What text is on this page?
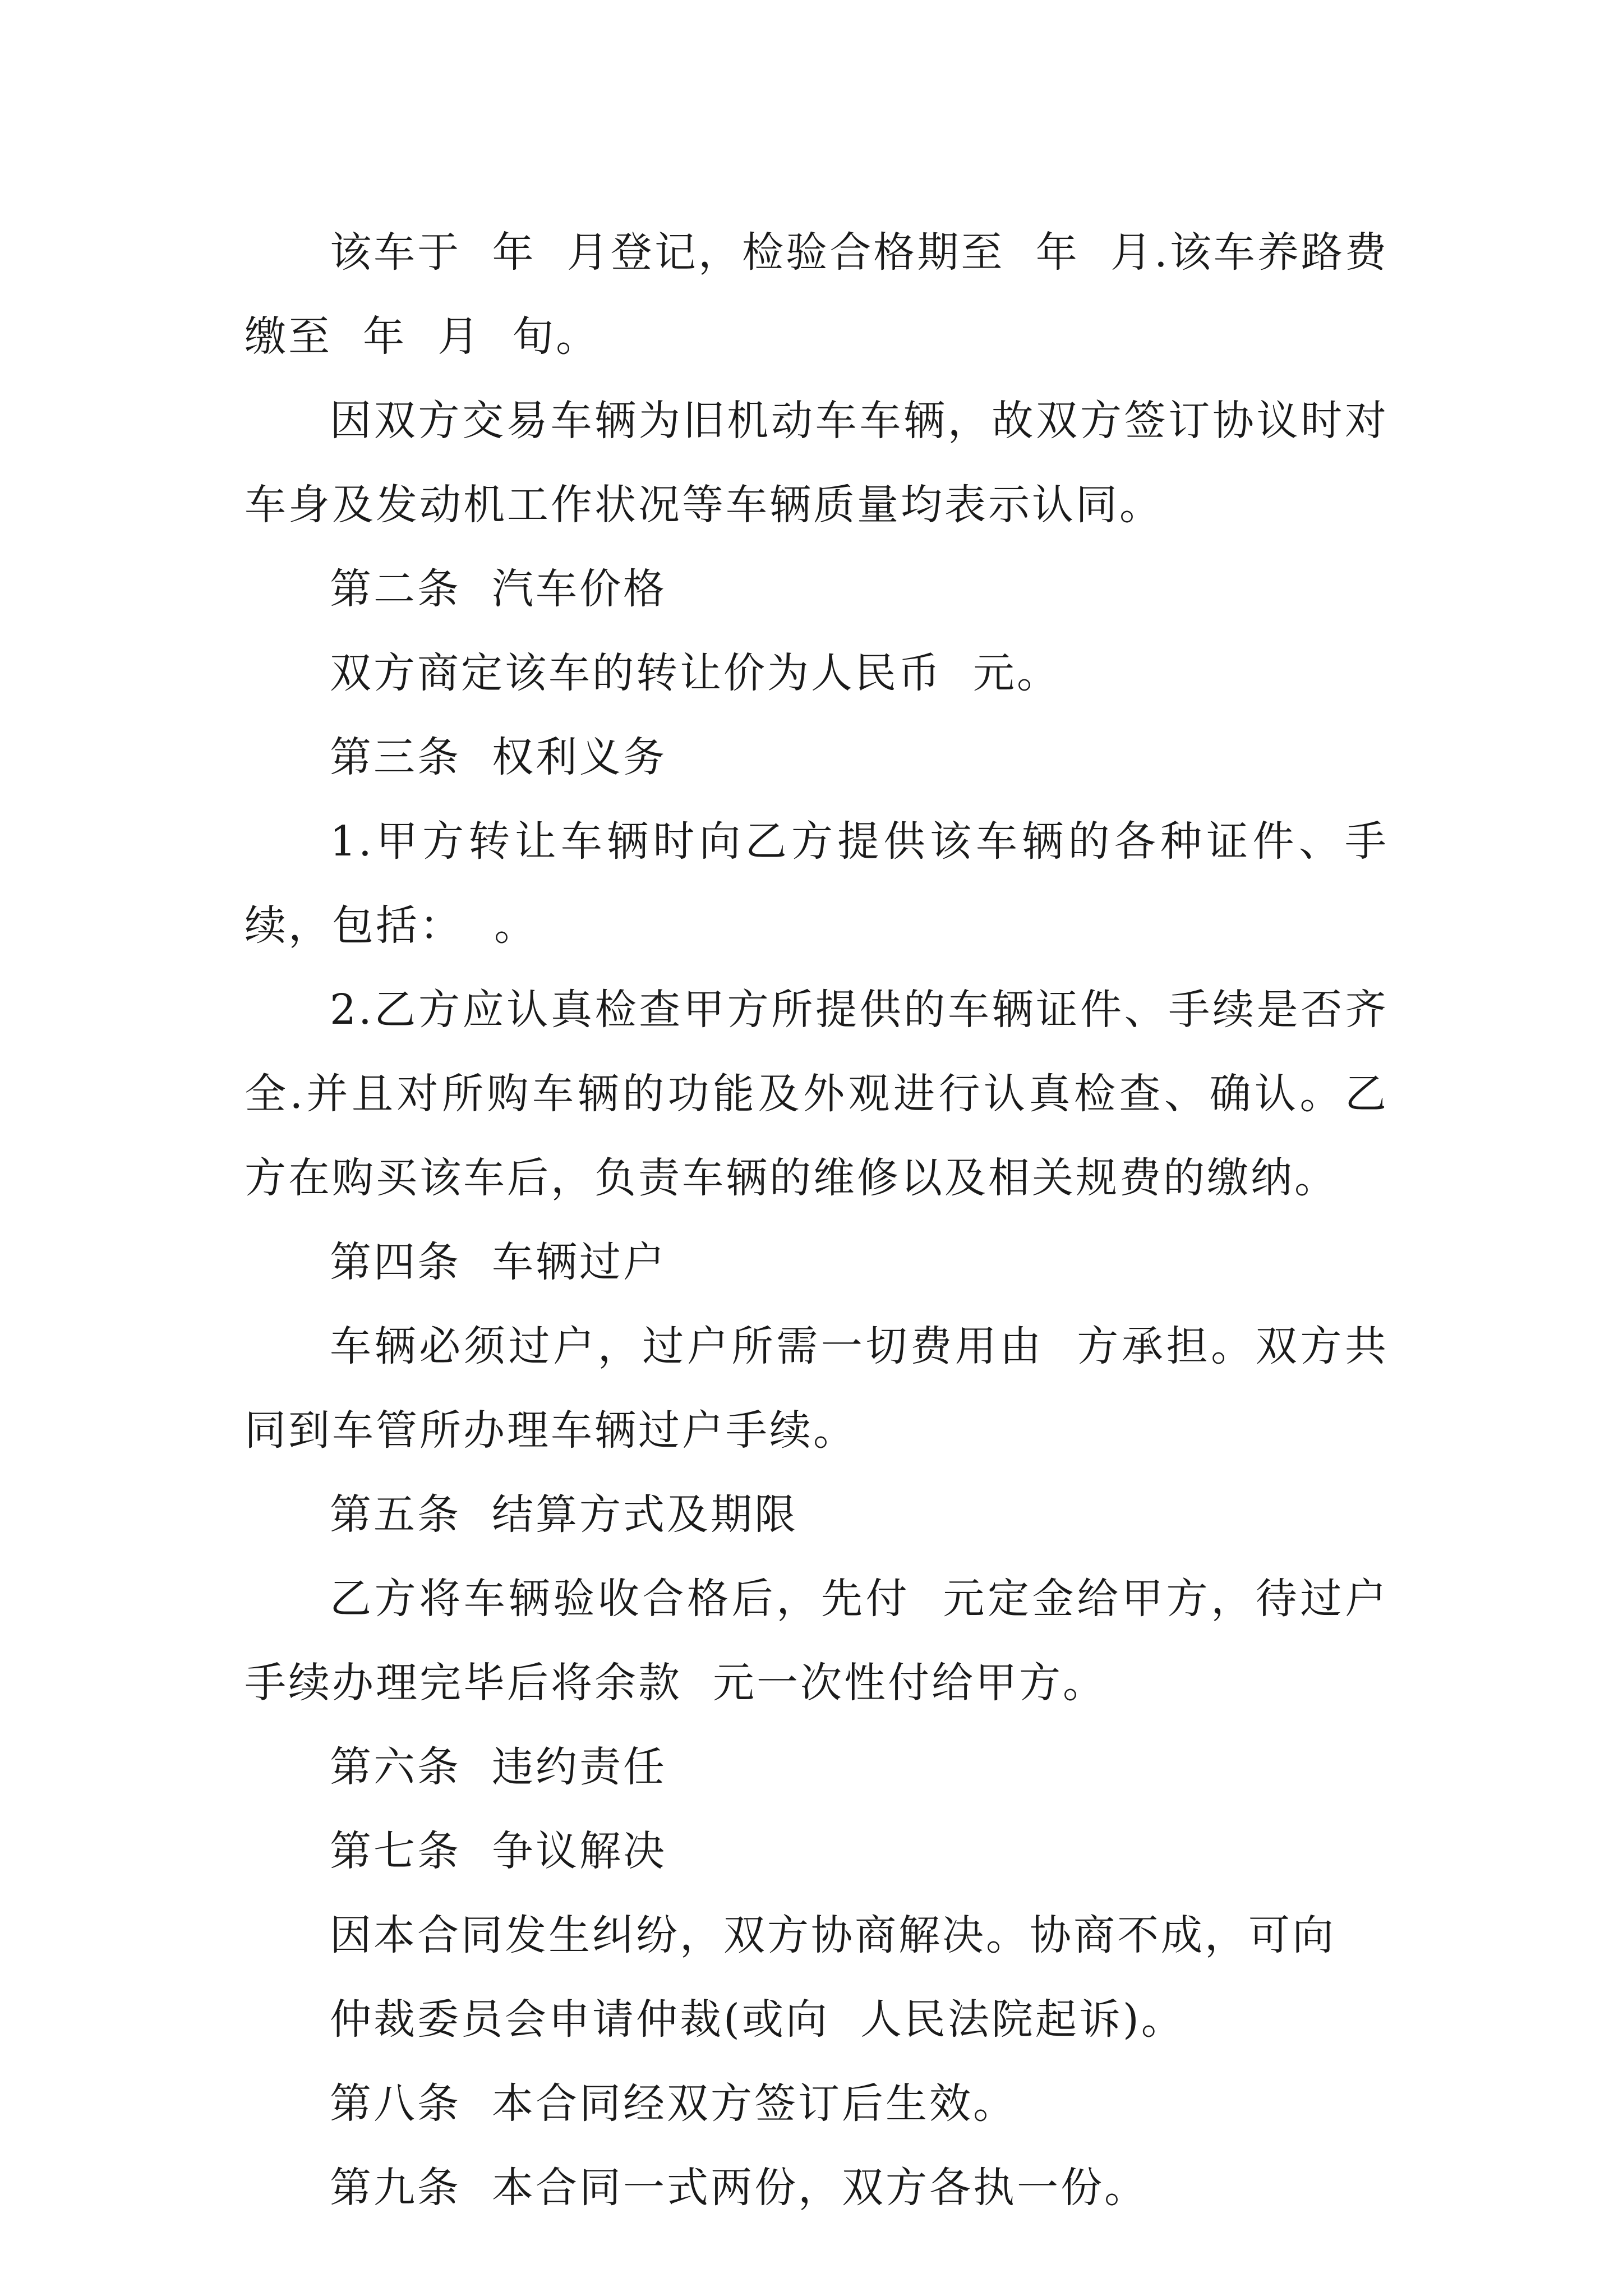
该车于  年  月登记，检验合格期至  年  月.该车养路费缴至  年  月  旬。

因双方交易车辆为旧机动车车辆，故双方签订协议时对车身及发动机工作状况等车辆质量均表示认同。

第二条  汽车价格

双方商定该车的转让价为人民币  元。

第三条  权利义务

1.甲方转让车辆时向乙方提供该车辆的各种证件、手续，包括：  。

2.乙方应认真检查甲方所提供的车辆证件、手续是否齐全.并且对所购车辆的功能及外观进行认真检查、确认。乙方在购买该车后，负责车辆的维修以及相关规费的缴纳。

第四条  车辆过户

车辆必须过户，过户所需一切费用由  方承担。双方共同到车管所办理车辆过户手续。

第五条  结算方式及期限

乙方将车辆验收合格后，先付  元定金给甲方，待过户手续办理完毕后将余款  元一次性付给甲方。

第六条  违约责任

第七条  争议解决

因本合同发生纠纷，双方协商解决。协商不成，可向

仲裁委员会申请仲裁(或向  人民法院起诉)。

第八条  本合同经双方签订后生效。

第九条  本合同一式两份，双方各执一份。
